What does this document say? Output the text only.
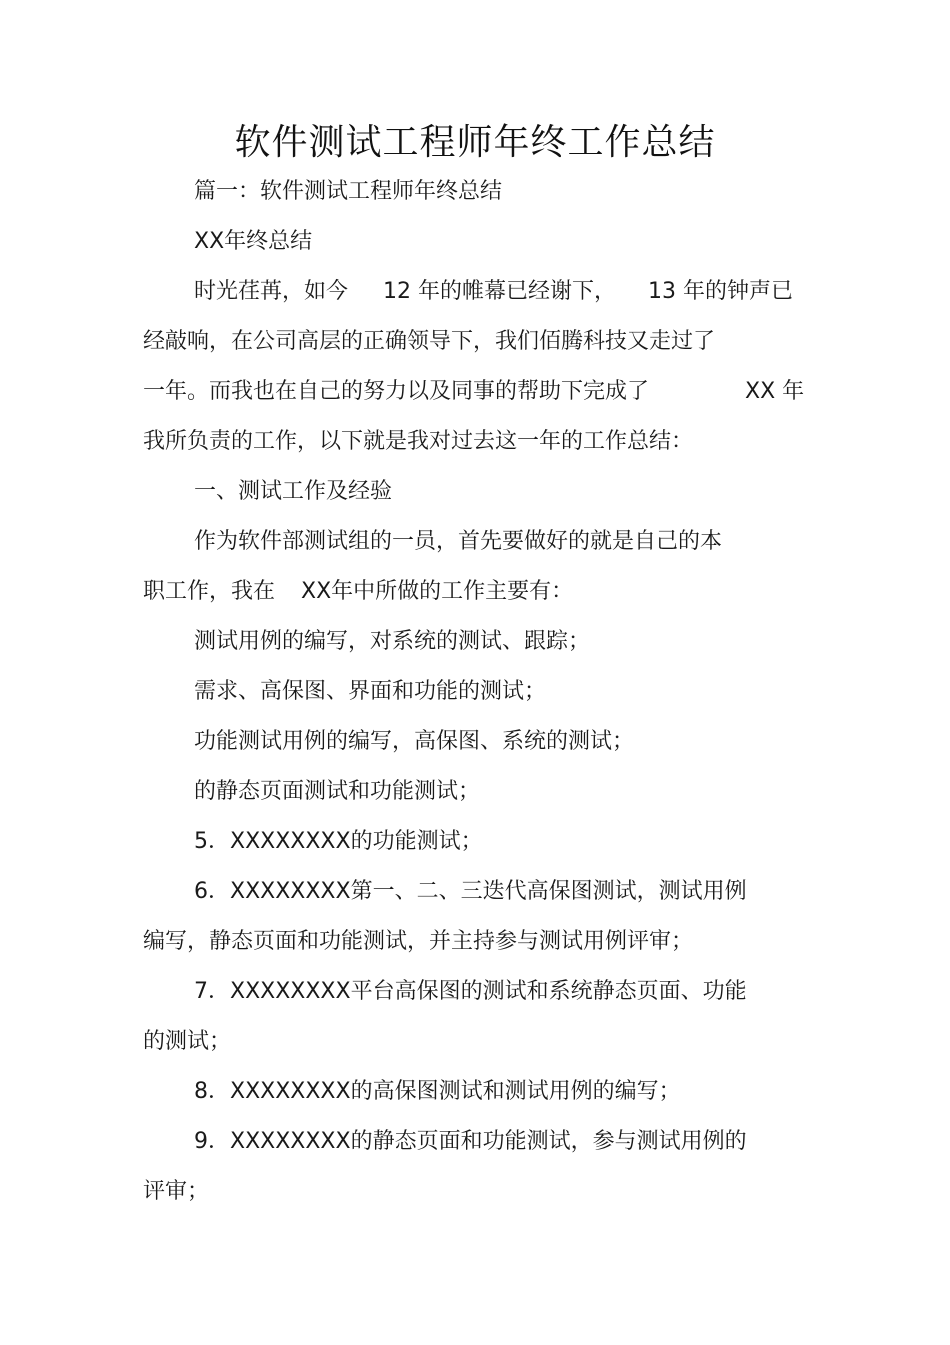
软件测试工程师年终工作总结
篇一：软件测试工程师年终总结
XX年终总结
时光荏苒，如今 12 年的帷幕已经谢下， 13 年的钟声已
经敲响，在公司高层的正确领导下，我们佰腾科技又走过了
一年。而我也在自己的努力以及同事的帮助下完成了	XX 年
我所负责的工作，以下就是我对过去这一年的工作总结：
一、测试工作及经验
作为软件部测试组的一员，首先要做好的就是自己的本
职工作，我在 XX年中所做的工作主要有：
测试用例的编写，对系统的测试、跟踪；
需求、高保图、界面和功能的测试；
功能测试用例的编写，高保图、系统的测试；
的静态页面测试和功能测试；
5．XXXXXXXX的功能测试；
6．XXXXXXXX第一、二、三迭代高保图测试，测试用例
编写，静态页面和功能测试，并主持参与测试用例评审；
7．XXXXXXXX平台高保图的测试和系统静态页面、功能
的测试；
8．XXXXXXXX的高保图测试和测试用例的编写；
9．XXXXXXXX的静态页面和功能测试，参与测试用例的
评审；
